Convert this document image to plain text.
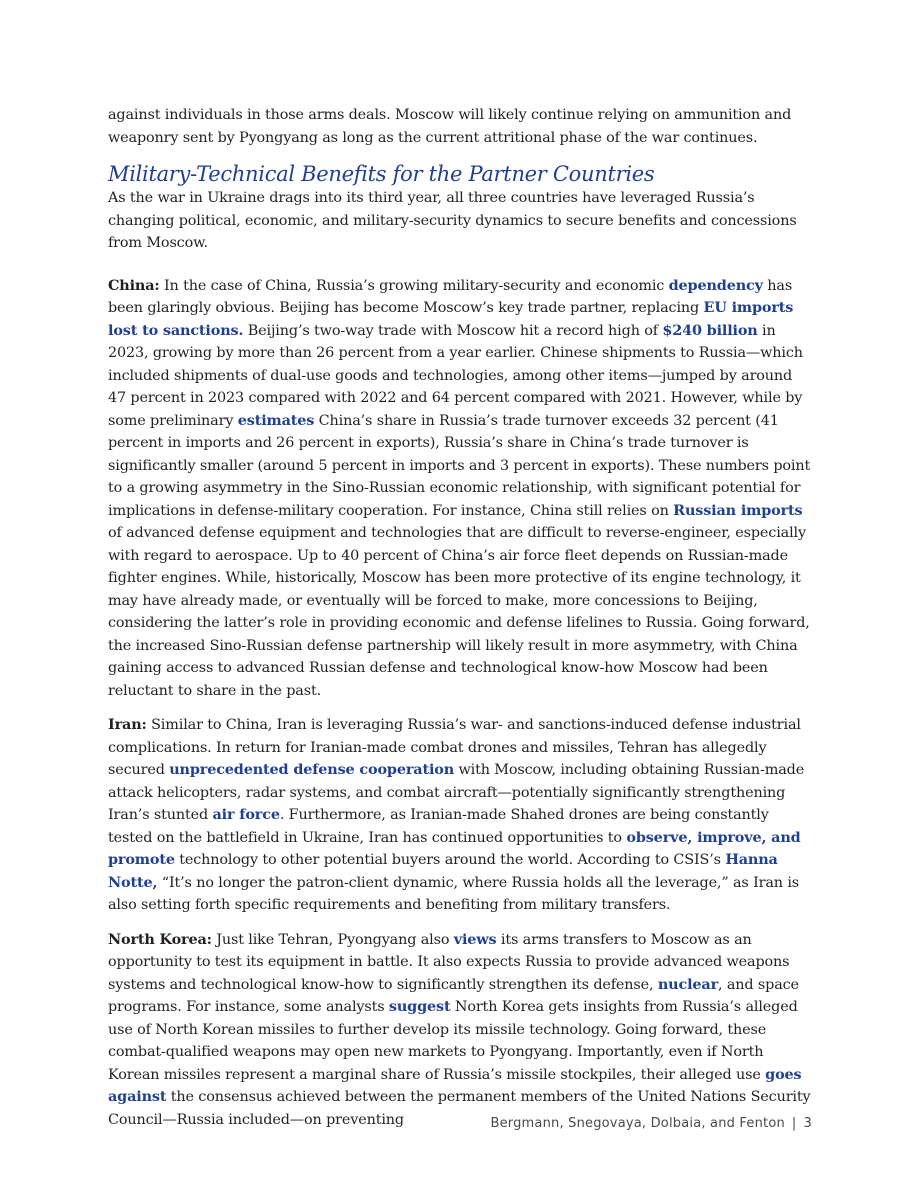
against individuals in those arms deals. Moscow will likely continue relying on ammunition and weaponry sent by Pyongyang as long as the current attritional phase of the war continues.

Military-Technical Benefits for the Partner Countries

As the war in Ukraine drags into its third year, all three countries have leveraged Russia’s changing political, economic, and military-security dynamics to secure benefits and concessions from Moscow.

China: In the case of China, Russia’s growing military-security and economic dependency has been glaringly obvious. Beijing has become Moscow’s key trade partner, replacing EU imports lost to sanctions. Beijing’s two-way trade with Moscow hit a record high of $240 billion in 2023, growing by more than 26 percent from a year earlier. Chinese shipments to Russia—which included shipments of dual-use goods and technologies, among other items—jumped by around 47 percent in 2023 compared with 2022 and 64 percent compared with 2021. However, while by some preliminary estimates China’s share in Russia’s trade turnover exceeds 32 percent (41 percent in imports and 26 percent in exports), Russia’s share in China’s trade turnover is significantly smaller (around 5 percent in imports and 3 percent in exports). These numbers point to a growing asymmetry in the Sino-Russian economic relationship, with significant potential for implications in defense-military cooperation. For instance, China still relies on Russian imports of advanced defense equipment and technologies that are difficult to reverse-engineer, especially with regard to aerospace. Up to 40 percent of China’s air force fleet depends on Russian-made fighter engines. While, historically, Moscow has been more protective of its engine technology, it may have already made, or eventually will be forced to make, more concessions to Beijing, considering the latter’s role in providing economic and defense lifelines to Russia. Going forward, the increased Sino-Russian defense partnership will likely result in more asymmetry, with China gaining access to advanced Russian defense and technological know-how Moscow had been reluctant to share in the past.

Iran: Similar to China, Iran is leveraging Russia’s war- and sanctions-induced defense industrial complications. In return for Iranian-made combat drones and missiles, Tehran has allegedly secured unprecedented defense cooperation with Moscow, including obtaining Russian-made attack helicopters, radar systems, and combat aircraft—potentially significantly strengthening Iran’s stunted air force. Furthermore, as Iranian-made Shahed drones are being constantly tested on the battlefield in Ukraine, Iran has continued opportunities to observe, improve, and promote technology to other potential buyers around the world. According to CSIS’s Hanna Notte, “It’s no longer the patron-client dynamic, where Russia holds all the leverage,” as Iran is also setting forth specific requirements and benefiting from military transfers.

North Korea: Just like Tehran, Pyongyang also views its arms transfers to Moscow as an opportunity to test its equipment in battle. It also expects Russia to provide advanced weapons systems and technological know-how to significantly strengthen its defense, nuclear, and space programs. For instance, some analysts suggest North Korea gets insights from Russia’s alleged use of North Korean missiles to further develop its missile technology. Going forward, these combat-qualified weapons may open new markets to Pyongyang. Importantly, even if North Korean missiles represent a marginal share of Russia’s missile stockpiles, their alleged use goes against the consensus achieved between the permanent members of the United Nations Security Council—Russia included—on preventing	Bergmann, Snegovaya, Dolbaia, and Fenton | 3
